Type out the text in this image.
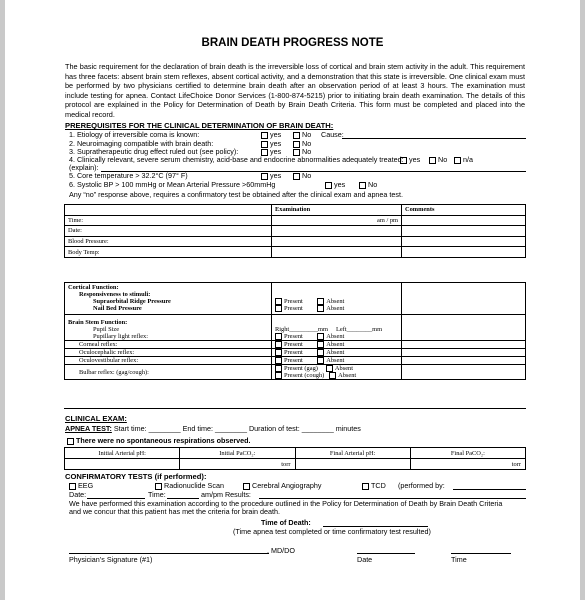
BRAIN DEATH PROGRESS NOTE
The basic requirement for the declaration of brain death is the irreversible loss of cortical and brain stem activity in the adult. This requirement has three facets: absent brain stem reflexes, absent cortical activity, and a demonstration that this state is irreversible. One clinical exam must be performed by two physicians certified to determine brain death after an observation period of at least 3 hours. The examination must include testing for apnea. Contact LifeChoice Donor Services (1-800-874-5215) prior to initiating brain death examination. The details of this protocol are explained in the Policy for Determination of Death by Brain Death Criteria. This form must be completed and placed into the medical record.
PREREQUISITES FOR THE CLINICAL DETERMINATION OF BRAIN DEATH:
1. Etiology of irreversible coma is known:	yes	No Cause:
2. Neuroimaging compatible with brain death:	yes	No
3. Supratherapeutic drug effect ruled out (see policy):	yes	No
4. Clinically relevant, severe serum chemistry, acid-base and endocrine abnormalities adequately treated: yes	No	n/a
(explain):
5. Core temperature > 32.2°C (97° F)	yes	No
6. Systolic BP > 100 mmHg or Mean Arterial Pressure >60mmHg	yes	No
Any “no” response above, requires a confirmatory test be obtained after the clinical exam and apnea test.
	Examination	Comments
Time:	am / pm	
Date:		
Blood Pressure:		
Body Temp:		
Cortical Function:		
Responsiveness to stimuli:		
Supraorbital Ridge Pressure	Present Absent	
Nail Bed Pressure	Present Absent	
Brain Stem Function:		
Pupil Size	Right_________mm Left________mm	
Pupillary light reflex:	Present Absent	
Corneal reflex:	Present Absent	
Oculocephalic reflex:	Present Absent	
Oculovestibular reflex:	Present Absent	
Bulbar reflex: (gag/cough):	Present (gag) Absent
Present (cough) Absent	
CLINICAL EXAM:
APNEA TEST: Start time: ________ End time: ________ Duration of test: ________ minutes
There were no spontaneous respirations observed.
Initial Arterial pH:	Initial PaCO₂:	Final Arterial pH:	Final PaCO₂:
	torr		torr
CONFIRMATORY TESTS (if performed):
EEG	Radionuclide Scan	Cerebral Angiography	TCD (performed by:
Date:	Time:	am/pm Results:
We have performed this examination according to the procedure outlined in the Policy for Determination of Death by Brain Death Criteria
and we concur that this patient has met the criteria for brain death.
Time of Death:
(Time apnea test completed or time confirmatory test resulted)
, MD/DO
Physician’s Signature (#1)	Date	Time
